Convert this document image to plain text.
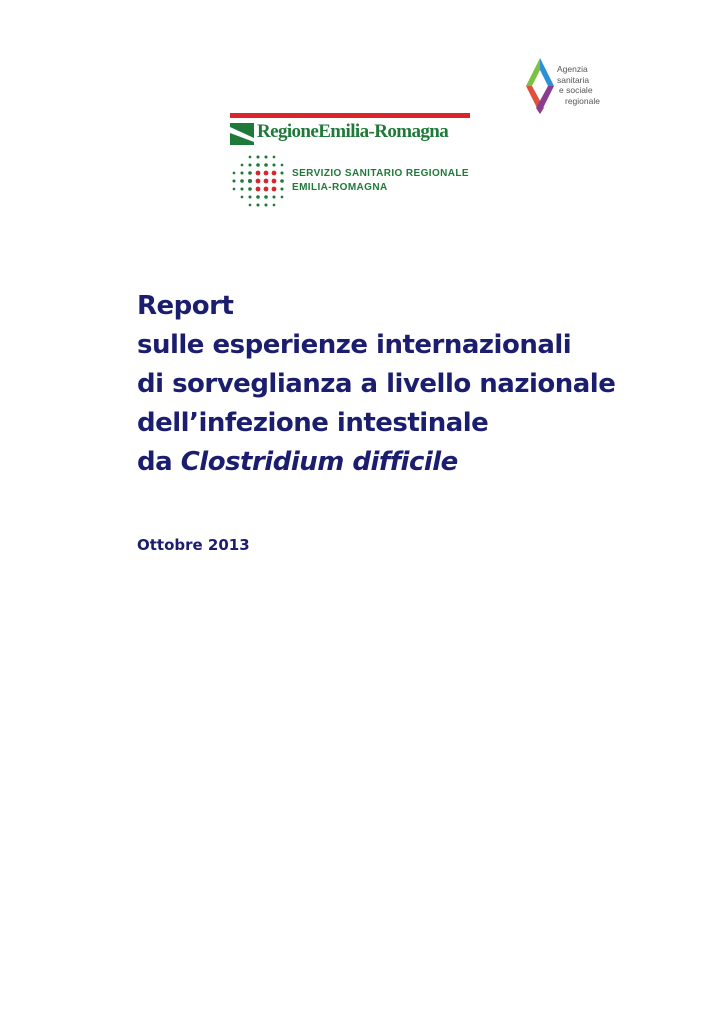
Agenzia
sanitaria
e sociale
regionale
RegioneEmilia-Romagna
SERVIZIO SANITARIO REGIONALE
EMILIA-ROMAGNA
Report
sulle esperienze internazionali
di sorveglianza a livello nazionale
dell’infezione intestinale
da Clostridium difficile
Ottobre 2013
